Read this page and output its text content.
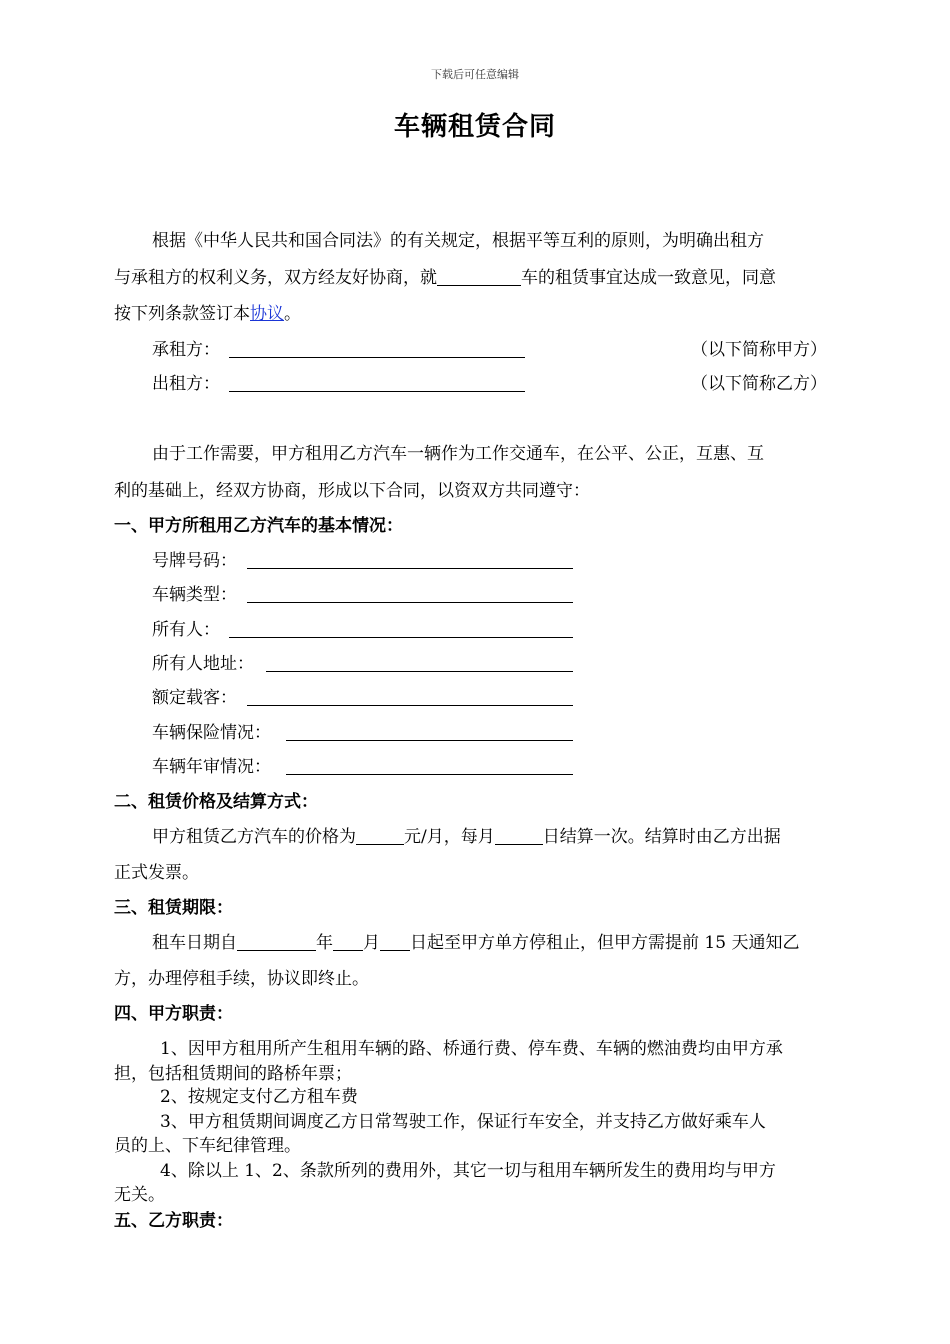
下载后可任意编辑
车辆租赁合同
根据《中华人民共和国合同法》的有关规定，根据平等互利的原则，为明确出租方
与承租方的权利义务，双方经友好协商，就	车的租赁事宜达成一致意见，同意
按下列条款签订本协议。
承租方：	（以下简称甲方）
出租方：	（以下简称乙方）
由于工作需要，甲方租用乙方汽车一辆作为工作交通车，在公平、公正，互惠、互
利的基础上，经双方协商，形成以下合同，以资双方共同遵守：
一、甲方所租用乙方汽车的基本情况：
号牌号码：
车辆类型：
所有人：
所有人地址：
额定载客：
车辆保险情况：
车辆年审情况：
二、租赁价格及结算方式：
甲方租赁乙方汽车的价格为	元/月，每月	日结算一次。结算时由乙方出据
正式发票。
三、租赁期限：
租车日期自	年 月 日起至甲方单方停租止，但甲方需提前 15 天通知乙
方，办理停租手续，协议即终止。
四、甲方职责：
1、因甲方租用所产生租用车辆的路、桥通行费、停车费、车辆的燃油费均由甲方承
担，包括租赁期间的路桥年票；
2、按规定支付乙方租车费
3、甲方租赁期间调度乙方日常驾驶工作，保证行车安全，并支持乙方做好乘车人
员的上、下车纪律管理。
4、除以上 1、2、条款所列的费用外，其它一切与租用车辆所发生的费用均与甲方
无关。
五、乙方职责：
